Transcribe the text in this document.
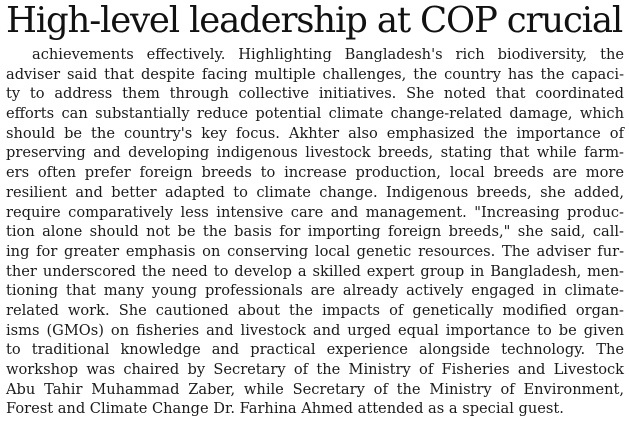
High-level leadership at COP crucial
achievements effectively. Highlighting Bangladesh's rich biodiversity, the
adviser said that despite facing multiple challenges, the country has the capaci-
ty to address them through collective initiatives. She noted that coordinated
efforts can substantially reduce potential climate change-related damage, which
should be the country's key focus. Akhter also emphasized the importance of
preserving and developing indigenous livestock breeds, stating that while farm-
ers often prefer foreign breeds to increase production, local breeds are more
resilient and better adapted to climate change. Indigenous breeds, she added,
require comparatively less intensive care and management. "Increasing produc-
tion alone should not be the basis for importing foreign breeds," she said, call-
ing for greater emphasis on conserving local genetic resources. The adviser fur-
ther underscored the need to develop a skilled expert group in Bangladesh, men-
tioning that many young professionals are already actively engaged in climate-
related work. She cautioned about the impacts of genetically modified organ-
isms (GMOs) on fisheries and livestock and urged equal importance to be given
to traditional knowledge and practical experience alongside technology. The
workshop was chaired by Secretary of the Ministry of Fisheries and Livestock
Abu Tahir Muhammad Zaber, while Secretary of the Ministry of Environment,
Forest and Climate Change Dr. Farhina Ahmed attended as a special guest.
